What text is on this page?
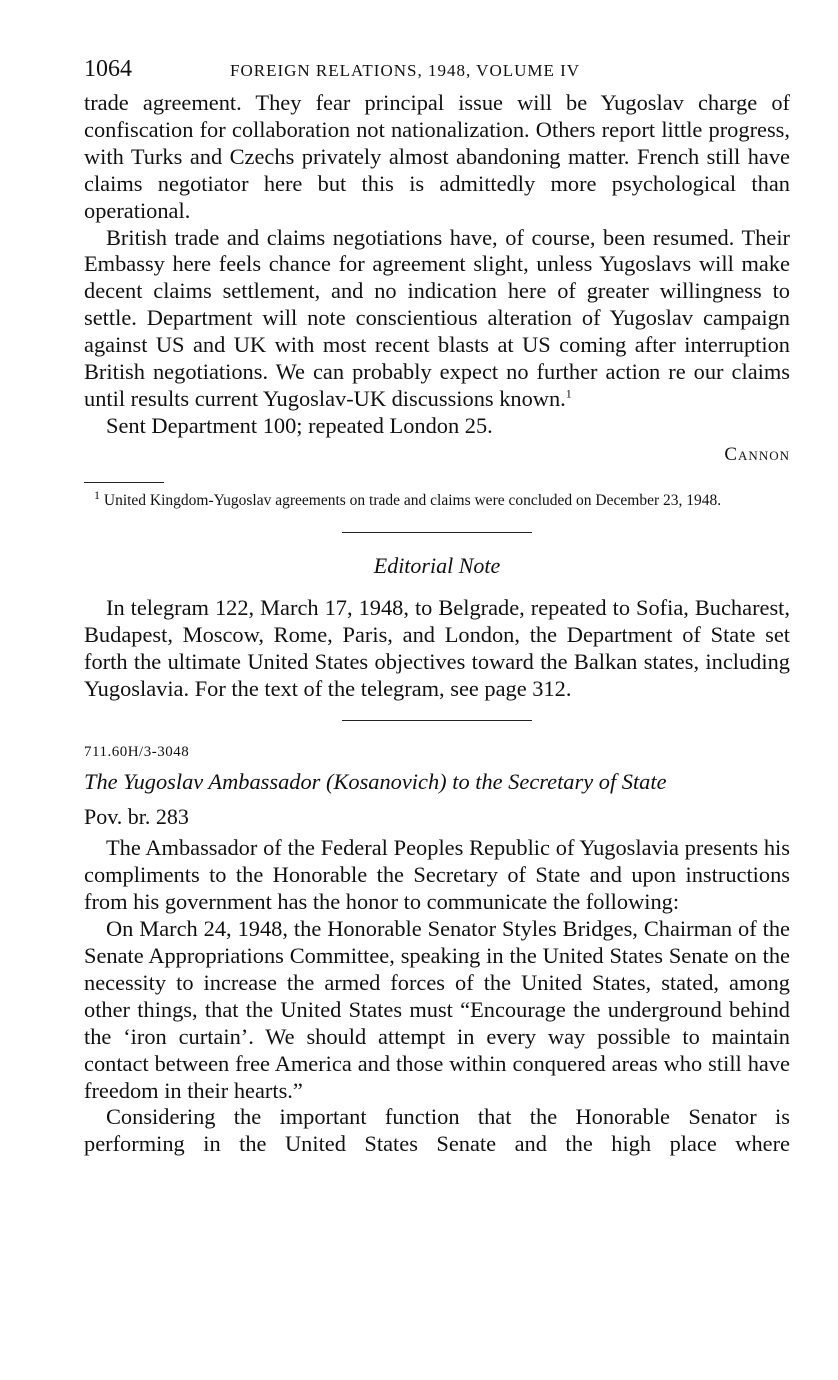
1064	FOREIGN RELATIONS, 1948, VOLUME IV

trade agreement. They fear principal issue will be Yugoslav charge of confiscation for collaboration not nationalization. Others report little progress, with Turks and Czechs privately almost abandoning matter. French still have claims negotiator here but this is admittedly more psychological than operational.

British trade and claims negotiations have, of course, been resumed. Their Embassy here feels chance for agreement slight, unless Yugoslavs will make decent claims settlement, and no indication here of greater willingness to settle. Department will note conscientious alteration of Yugoslav campaign against US and UK with most recent blasts at US coming after interruption British negotiations. We can probably expect no further action re our claims until results current Yugoslav-UK discussions known.$^1$

Sent Department 100; repeated London 25.

Cannon
$^1$ United Kingdom-Yugoslav agreements on trade and claims were concluded on December 23, 1948.
Editorial Note

In telegram 122, March 17, 1948, to Belgrade, repeated to Sofia, Bucharest, Budapest, Moscow, Rome, Paris, and London, the Department of State set forth the ultimate United States objectives toward the Balkan states, including Yugoslavia. For the text of the telegram, see page 312.

711.60H/3-3048
The Yugoslav Ambassador (Kosanovich) to the Secretary of State
Pov. br. 283

The Ambassador of the Federal Peoples Republic of Yugoslavia presents his compliments to the Honorable the Secretary of State and upon instructions from his government has the honor to communicate the following:

On March 24, 1948, the Honorable Senator Styles Bridges, Chairman of the Senate Appropriations Committee, speaking in the United States Senate on the necessity to increase the armed forces of the United States, stated, among other things, that the United States must “Encourage the underground behind the ‘iron curtain’. We should attempt in every way possible to maintain contact between free America and those within conquered areas who still have freedom in their hearts.”

Considering the important function that the Honorable Senator is performing in the United States Senate and the high place where
